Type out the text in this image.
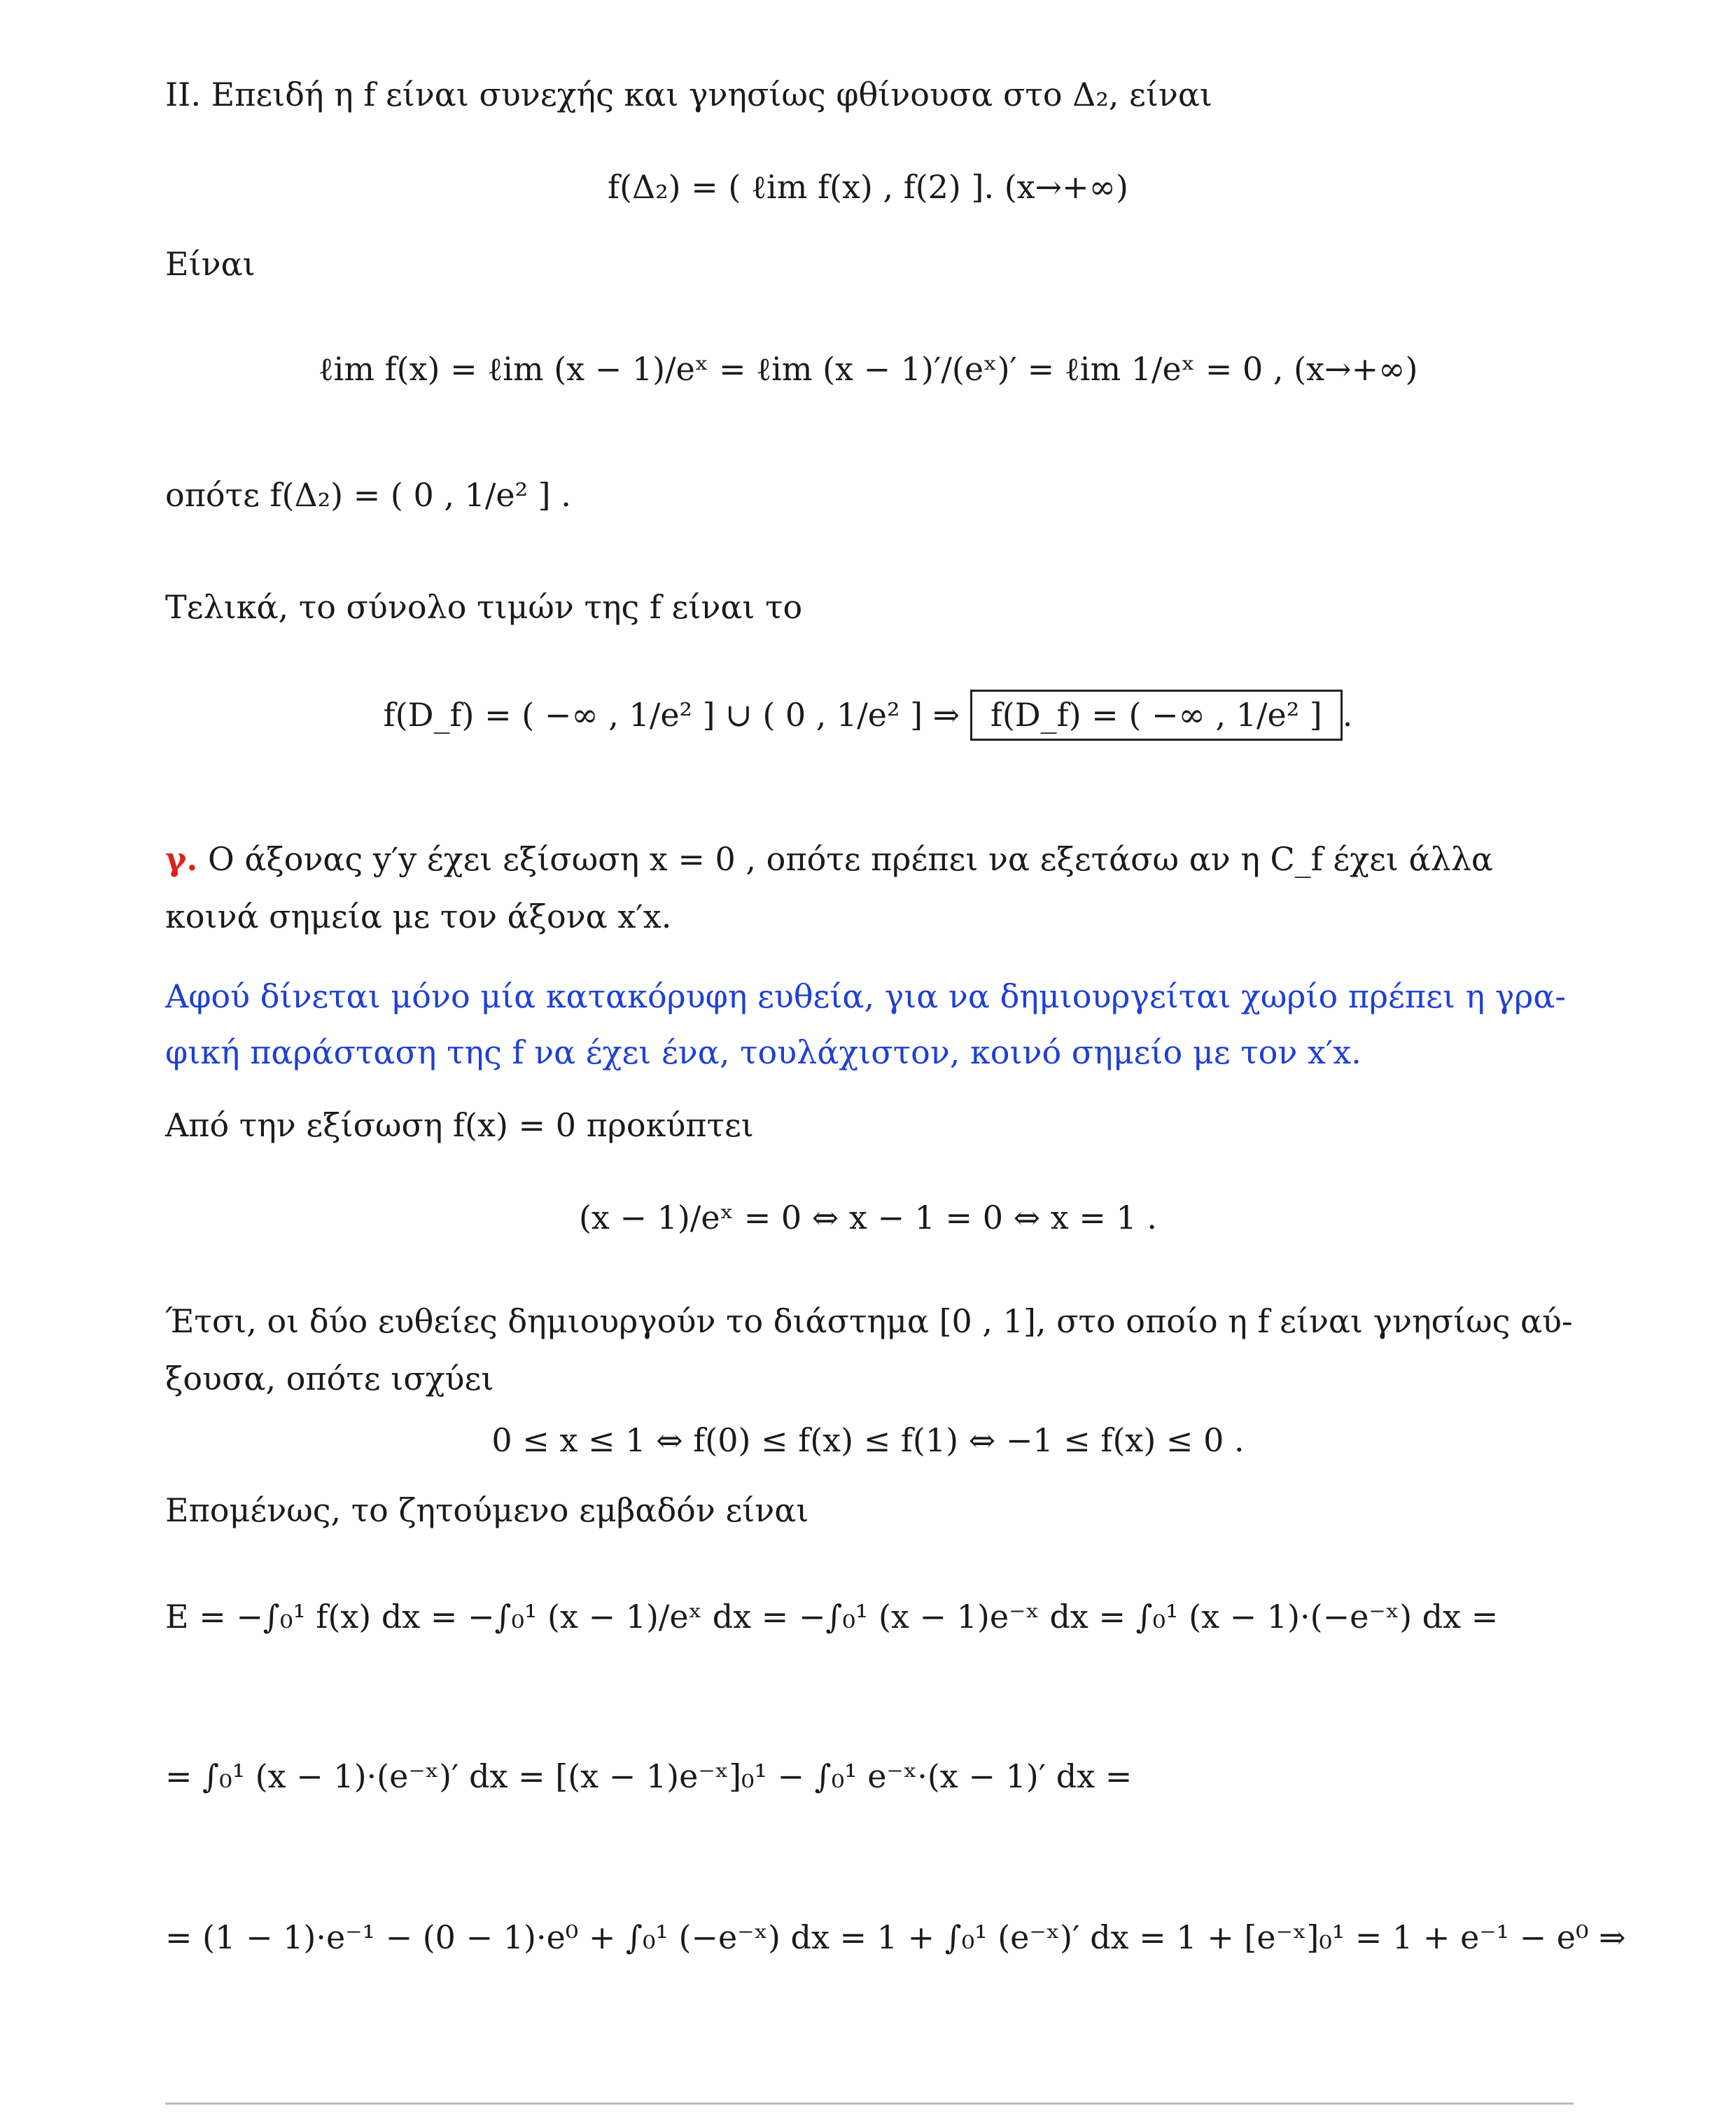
II. Επειδή η f είναι συνεχής και γνησίως φθίνουσα στο Δ₂, είναι
f(Δ₂) = ( ℓim f(x) , f(2) ]. (x→+∞)
Είναι
ℓim f(x) = ℓim (x − 1)/eˣ = ℓim (x − 1)′/(eˣ)′ = ℓim 1/eˣ = 0 , (x→+∞)
οπότε f(Δ₂) = ( 0 , 1/e² ] .
Τελικά, το σύνολο τιμών της f είναι το
f(D_f) = ( −∞ , 1/e² ] ∪ ( 0 , 1/e² ] ⇒ f(D_f) = ( −∞ , 1/e² ] .
γ. Ο άξονας y′y έχει εξίσωση x = 0 , οπότε πρέπει να εξετάσω αν η C_f έχει άλλα
κοινά σημεία με τον άξονα x′x.
Αφού δίνεται μόνο μία κατακόρυφη ευθεία, για να δημιουργείται χωρίο πρέπει η γρα-
φική παράσταση της f να έχει ένα, τουλάχιστον, κοινό σημείο με τον x′x.
Από την εξίσωση f(x) = 0 προκύπτει
(x − 1)/eˣ = 0 ⇔ x − 1 = 0 ⇔ x = 1 .
Έτσι, οι δύο ευθείες δημιουργούν το διάστημα [0 , 1], στο οποίο η f είναι γνησίως αύ-
ξουσα, οπότε ισχύει
0 ≤ x ≤ 1 ⇔ f(0) ≤ f(x) ≤ f(1) ⇔ −1 ≤ f(x) ≤ 0 .
Επομένως, το ζητούμενο εμβαδόν είναι
E = −∫₀¹ f(x) dx = −∫₀¹ (x − 1)/eˣ dx = −∫₀¹ (x − 1)e⁻ˣ dx = ∫₀¹ (x − 1)·(−e⁻ˣ) dx =
= ∫₀¹ (x − 1)·(e⁻ˣ)′ dx = [(x − 1)e⁻ˣ]₀¹ − ∫₀¹ e⁻ˣ·(x − 1)′ dx =
= (1 − 1)·e⁻¹ − (0 − 1)·e⁰ + ∫₀¹ (−e⁻ˣ) dx = 1 + ∫₀¹ (e⁻ˣ)′ dx = 1 + [e⁻ˣ]₀¹ = 1 + e⁻¹ − e⁰ ⇒
